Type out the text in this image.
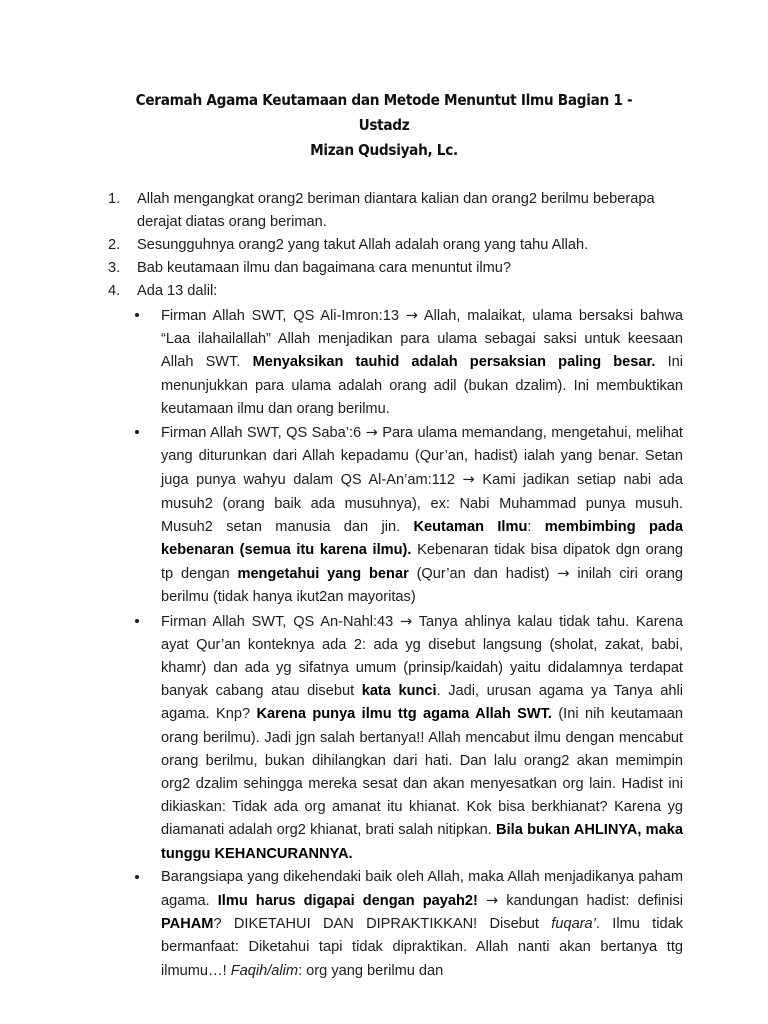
Ceramah Agama Keutamaan dan Metode Menuntut Ilmu Bagian 1 - Ustadz
Mizan Qudsiyah, Lc.
1.	Allah mengangkat orang2 beriman diantara kalian dan orang2 berilmu beberapa derajat diatas orang beriman.
2.	Sesungguhnya orang2 yang takut Allah adalah orang yang tahu Allah.
3.	Bab keutamaan ilmu dan bagaimana cara menuntut ilmu?
4.	Ada 13 dalil:
Firman Allah SWT, QS Ali-Imron:13 → Allah, malaikat, ulama bersaksi bahwa “Laa ilahailallah” Allah menjadikan para ulama sebagai saksi untuk keesaan Allah SWT. Menyaksikan tauhid adalah persaksian paling besar. Ini menunjukkan para ulama adalah orang adil (bukan dzalim). Ini membuktikan keutamaan ilmu dan orang berilmu.
Firman Allah SWT, QS Saba’:6 → Para ulama memandang, mengetahui, melihat yang diturunkan dari Allah kepadamu (Qur’an, hadist) ialah yang benar. Setan juga punya wahyu dalam QS Al-An’am:112 → Kami jadikan setiap nabi ada musuh2 (orang baik ada musuhnya), ex: Nabi Muhammad punya musuh. Musuh2 setan manusia dan jin. Keutaman Ilmu: membimbing pada kebenaran (semua itu karena ilmu). Kebenaran tidak bisa dipatok dgn orang tp dengan mengetahui yang benar (Qur’an dan hadist) → inilah ciri orang berilmu (tidak hanya ikut2an mayoritas)
Firman Allah SWT, QS An-Nahl:43 → Tanya ahlinya kalau tidak tahu. Karena ayat Qur’an konteknya ada 2: ada yg disebut langsung (sholat, zakat, babi, khamr) dan ada yg sifatnya umum (prinsip/kaidah) yaitu didalamnya terdapat banyak cabang atau disebut kata kunci. Jadi, urusan agama ya Tanya ahli agama. Knp? Karena punya ilmu ttg agama Allah SWT. (Ini nih keutamaan orang berilmu). Jadi jgn salah bertanya!! Allah mencabut ilmu dengan mencabut orang berilmu, bukan dihilangkan dari hati. Dan lalu orang2 akan memimpin org2 dzalim sehingga mereka sesat dan akan menyesatkan org lain. Hadist ini dikiaskan: Tidak ada org amanat itu khianat. Kok bisa berkhianat? Karena yg diamanati adalah org2 khianat, brati salah nitipkan. Bila bukan AHLINYA, maka tunggu KEHANCURANNYA.
Barangsiapa yang dikehendaki baik oleh Allah, maka Allah menjadikanya paham agama. Ilmu harus digapai dengan payah2! → kandungan hadist: definisi PAHAM? DIKETAHUI DAN DIPRAKTIKKAN! Disebut fuqara’. Ilmu tidak bermanfaat: Diketahui tapi tidak dipraktikan. Allah nanti akan bertanya ttg ilmumu…! Faqih/alim: org yang berilmu dan
